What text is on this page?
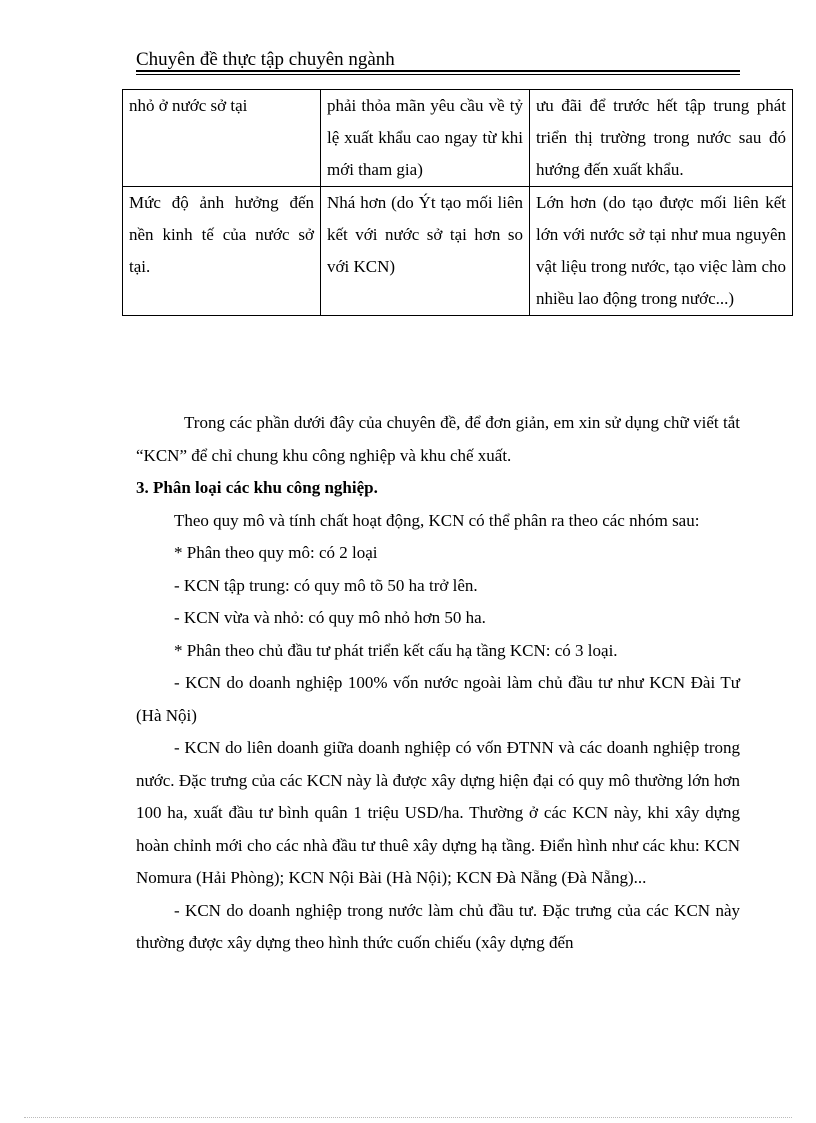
Chuyên đề thực tập chuyên ngành
nhỏ ở nước sở tại	phải thỏa mãn yêu cầu về tỷ lệ xuất khẩu cao ngay từ khi mới tham gia)	ưu đãi để trước hết tập trung phát triển thị trường trong nước sau đó hướng đến xuất khẩu.

Mức độ ảnh hưởng đến nền kinh tế của nước sở tại.	Nhá hơn (do Ýt tạo mối liên kết với nước sở tại hơn so với KCN)	Lớn hơn (do tạo được mối liên kết lớn với nước sở tại như mua nguyên vật liệu trong nước, tạo việc làm cho nhiều lao động trong nước...)

Trong các phần dưới đây của chuyên đề, để đơn giản, em xin sử dụng chữ viết tắt “KCN” để chỉ chung khu công nghiệp và khu chế xuất.

3. Phân loại các khu công nghiệp.

Theo quy mô và tính chất hoạt động, KCN có thể phân ra theo các nhóm sau:

* Phân theo quy mô: có 2 loại

- KCN tập trung: có quy mô tõ 50 ha trở lên.

- KCN vừa và nhỏ: có quy mô nhỏ hơn 50 ha.

* Phân theo chủ đầu tư phát triển kết cấu hạ tầng KCN: có 3 loại.

- KCN do doanh nghiệp 100% vốn nước ngoài làm chủ đầu tư như KCN Đài Tư (Hà Nội)

- KCN do liên doanh giữa doanh nghiệp có vốn ĐTNN và các doanh nghiệp trong nước. Đặc trưng của các KCN này là được xây dựng hiện đại có quy mô thường lớn hơn 100 ha, xuất đầu tư bình quân 1 triệu USD/ha. Thường ở các KCN này, khi xây dựng hoàn chỉnh mới cho các nhà đầu tư thuê xây dựng hạ tầng. Điển hình như các khu: KCN Nomura (Hải Phòng); KCN Nội Bài (Hà Nội); KCN Đà Nẵng (Đà Nẵng)...

- KCN do doanh nghiệp trong nước làm chủ đầu tư. Đặc trưng của các KCN này thường được xây dựng theo hình thức cuốn chiếu (xây dựng đến
